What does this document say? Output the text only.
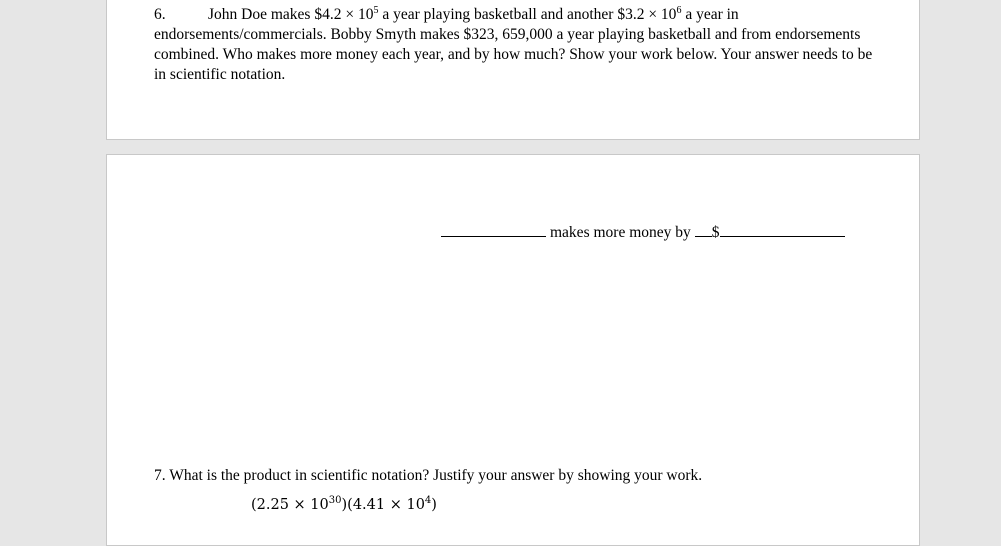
6.	John Doe makes $4.2 × $10^5$ a year playing basketball and another $3.2 × $10^6$ a year in endorsements/commercials. Bobby Smyth makes $323, 659,000 a year playing basketball and from endorsements combined. Who makes more money each year, and by how much? Show your work below. Your answer needs to be in scientific notation.
makes more money by $
7. What is the product in scientific notation? Justify your answer by showing your work.
$(2.25 \times 10^{30})(4.41 \times 10^4)$
